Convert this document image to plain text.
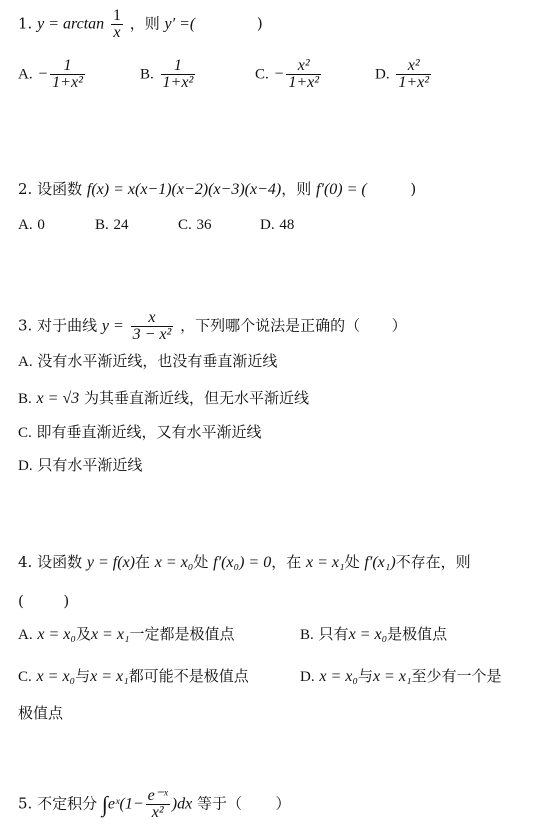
1. $y = \arctan \frac{1}{x}$ ，则 y′ =(	)
A. − $\frac{1}{\text{1+x²}}$	B. $\frac{1}{\text{1+x²}}$	C. − $\frac{\text{x²}}{\text{1+x²}}$	D. $\frac{\text{x²}}{\text{1+x²}}$
2. 设函数 f(x) = x(x−1)(x−2)(x−3)(x−4)，则 f′(0) = (	)
A. 0	B. 24	C. 36	D. 48
3. 对于曲线 $y = \frac{x}{\text{3 − x²}}$ ，下列哪个说法是正确的（ ）
A. 没有水平渐近线，也没有垂直渐近线
B. x = √3 为其垂直渐近线，但无水平渐近线
C. 即有垂直渐近线，又有水平渐近线
D. 只有水平渐近线
4. 设函数 y = f(x)在 x = x₀处 f′(x₀) = 0，在 x = x₁处 f′(x₁)不存在，则
(	)
A. x = x₀及x = x₁一定都是极值点	B. 只有x = x₀是极值点
C. x = x₀与x = x₁都可能不是极值点	D. x = x₀与x = x₁至少有一个是
极值点
5. 不定积分 ∫eˣ(1− $\frac{\text{e⁻ˣ}}{\text{x²}} )dx$ 等于（ ）
